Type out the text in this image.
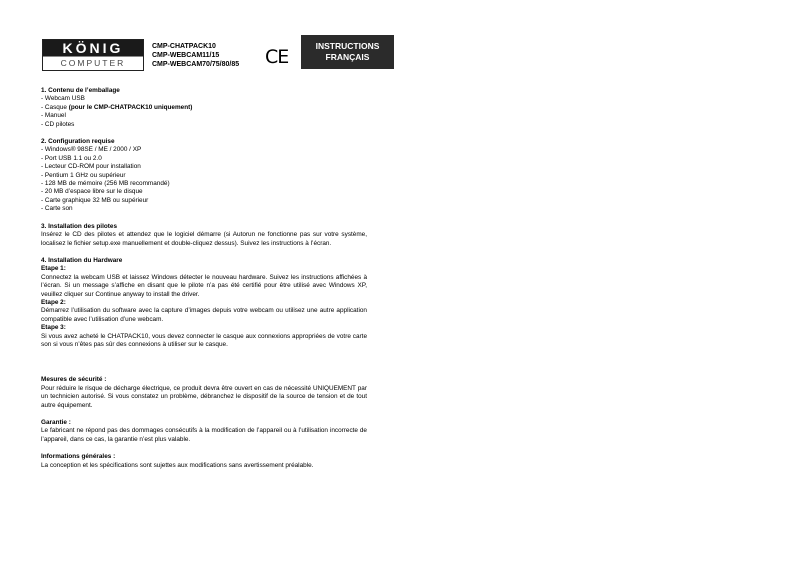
KÖNIG
COMPUTER
CMP-CHATPACK10
CMP-WEBCAM11/15
CMP-WEBCAM70/75/80/85 CE	INSTRUCTIONS
FRANÇAIS

1. Contenu de l’emballage

- Webcam USB

- Casque (pour le CMP-CHATPACK10 uniquement)

- Manuel

- CD pilotes

2. Configuration requise

- Windows® 98SE / ME / 2000 / XP

- Port USB 1.1 ou 2.0

- Lecteur CD-ROM pour installation

- Pentium 1 GHz ou supérieur

- 128 MB de mémoire (256 MB recommandé)

- 20 MB d’espace libre sur le disque

- Carte graphique 32 MB ou supérieur

- Carte son

3. Installation des pilotes

Insérez le CD des pilotes et attendez que le logiciel démarre (si Autorun ne fonctionne pas sur votre système, localisez le fichier setup.exe manuellement et double-cliquez dessus). Suivez les instructions à l’écran.

4. Installation du Hardware

Etape 1:

Connectez la webcam USB et laissez Windows détecter le nouveau hardware. Suivez les instructions affichées à l’écran. Si un message s’affiche en disant que le pilote n’a pas été certifié pour être utilisé avec Windows XP, veuillez cliquer sur Continue anyway to install the driver.

Etape 2:

Démarrez l’utilisation du software avec la capture d’images depuis votre webcam ou utilisez une autre application compatible avec l’utilisation d’une webcam.

Etape 3:

Si vous avez acheté le CHATPACK10, vous devez connecter le casque aux connexions appropriées de votre carte son si vous n’êtes pas sûr des connexions à utiliser sur le casque.

Mesures de sécurité :

Pour réduire le risque de décharge électrique, ce produit devra être ouvert en cas de nécessité UNIQUEMENT par un technicien autorisé. Si vous constatez un problème, débranchez le dispositif de la source de tension et de tout autre équipement.

Garantie :

Le fabricant ne répond pas des dommages consécutifs à la modification de l’appareil ou à l’utilisation incorrecte de l’appareil, dans ce cas, la garantie n’est plus valable.

Informations générales :

La conception et les spécifications sont sujettes aux modifications sans avertissement préalable.
